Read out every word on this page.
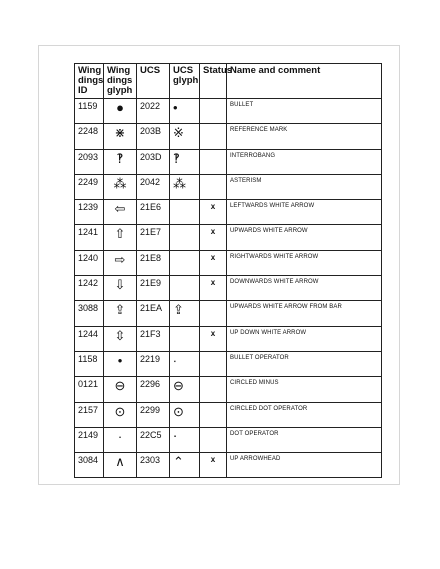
Wing dings ID	Wing dings glyph	UCS	UCS glyph	Status	Name and comment
1159	●	2022	•		BULLET
2248	⋇	203B	※		REFERENCE MARK
2093	‽	203D	‽		INTERROBANG
2249	⁂	2042	⁂		ASTERISM
1239	⇦	21E6		x	LEFTWARDS WHITE ARROW
1241	⇧	21E7		x	UPWARDS WHITE ARROW
1240	⇨	21E8		x	RIGHTWARDS WHITE ARROW
1242	⇩	21E9		x	DOWNWARDS WHITE ARROW
3088	⇪	21EA	⇪		UPWARDS WHITE ARROW FROM BAR
1244	⇳	21F3		x	UP DOWN WHITE ARROW
1158	•	2219	∙		BULLET OPERATOR
0121	⊖	2296	⊖		CIRCLED MINUS
2157	⊙	2299	⊙		CIRCLED DOT OPERATOR
2149	·	22C5	⋅		DOT OPERATOR
3084	∧	2303	⌃	x	UP ARROWHEAD
